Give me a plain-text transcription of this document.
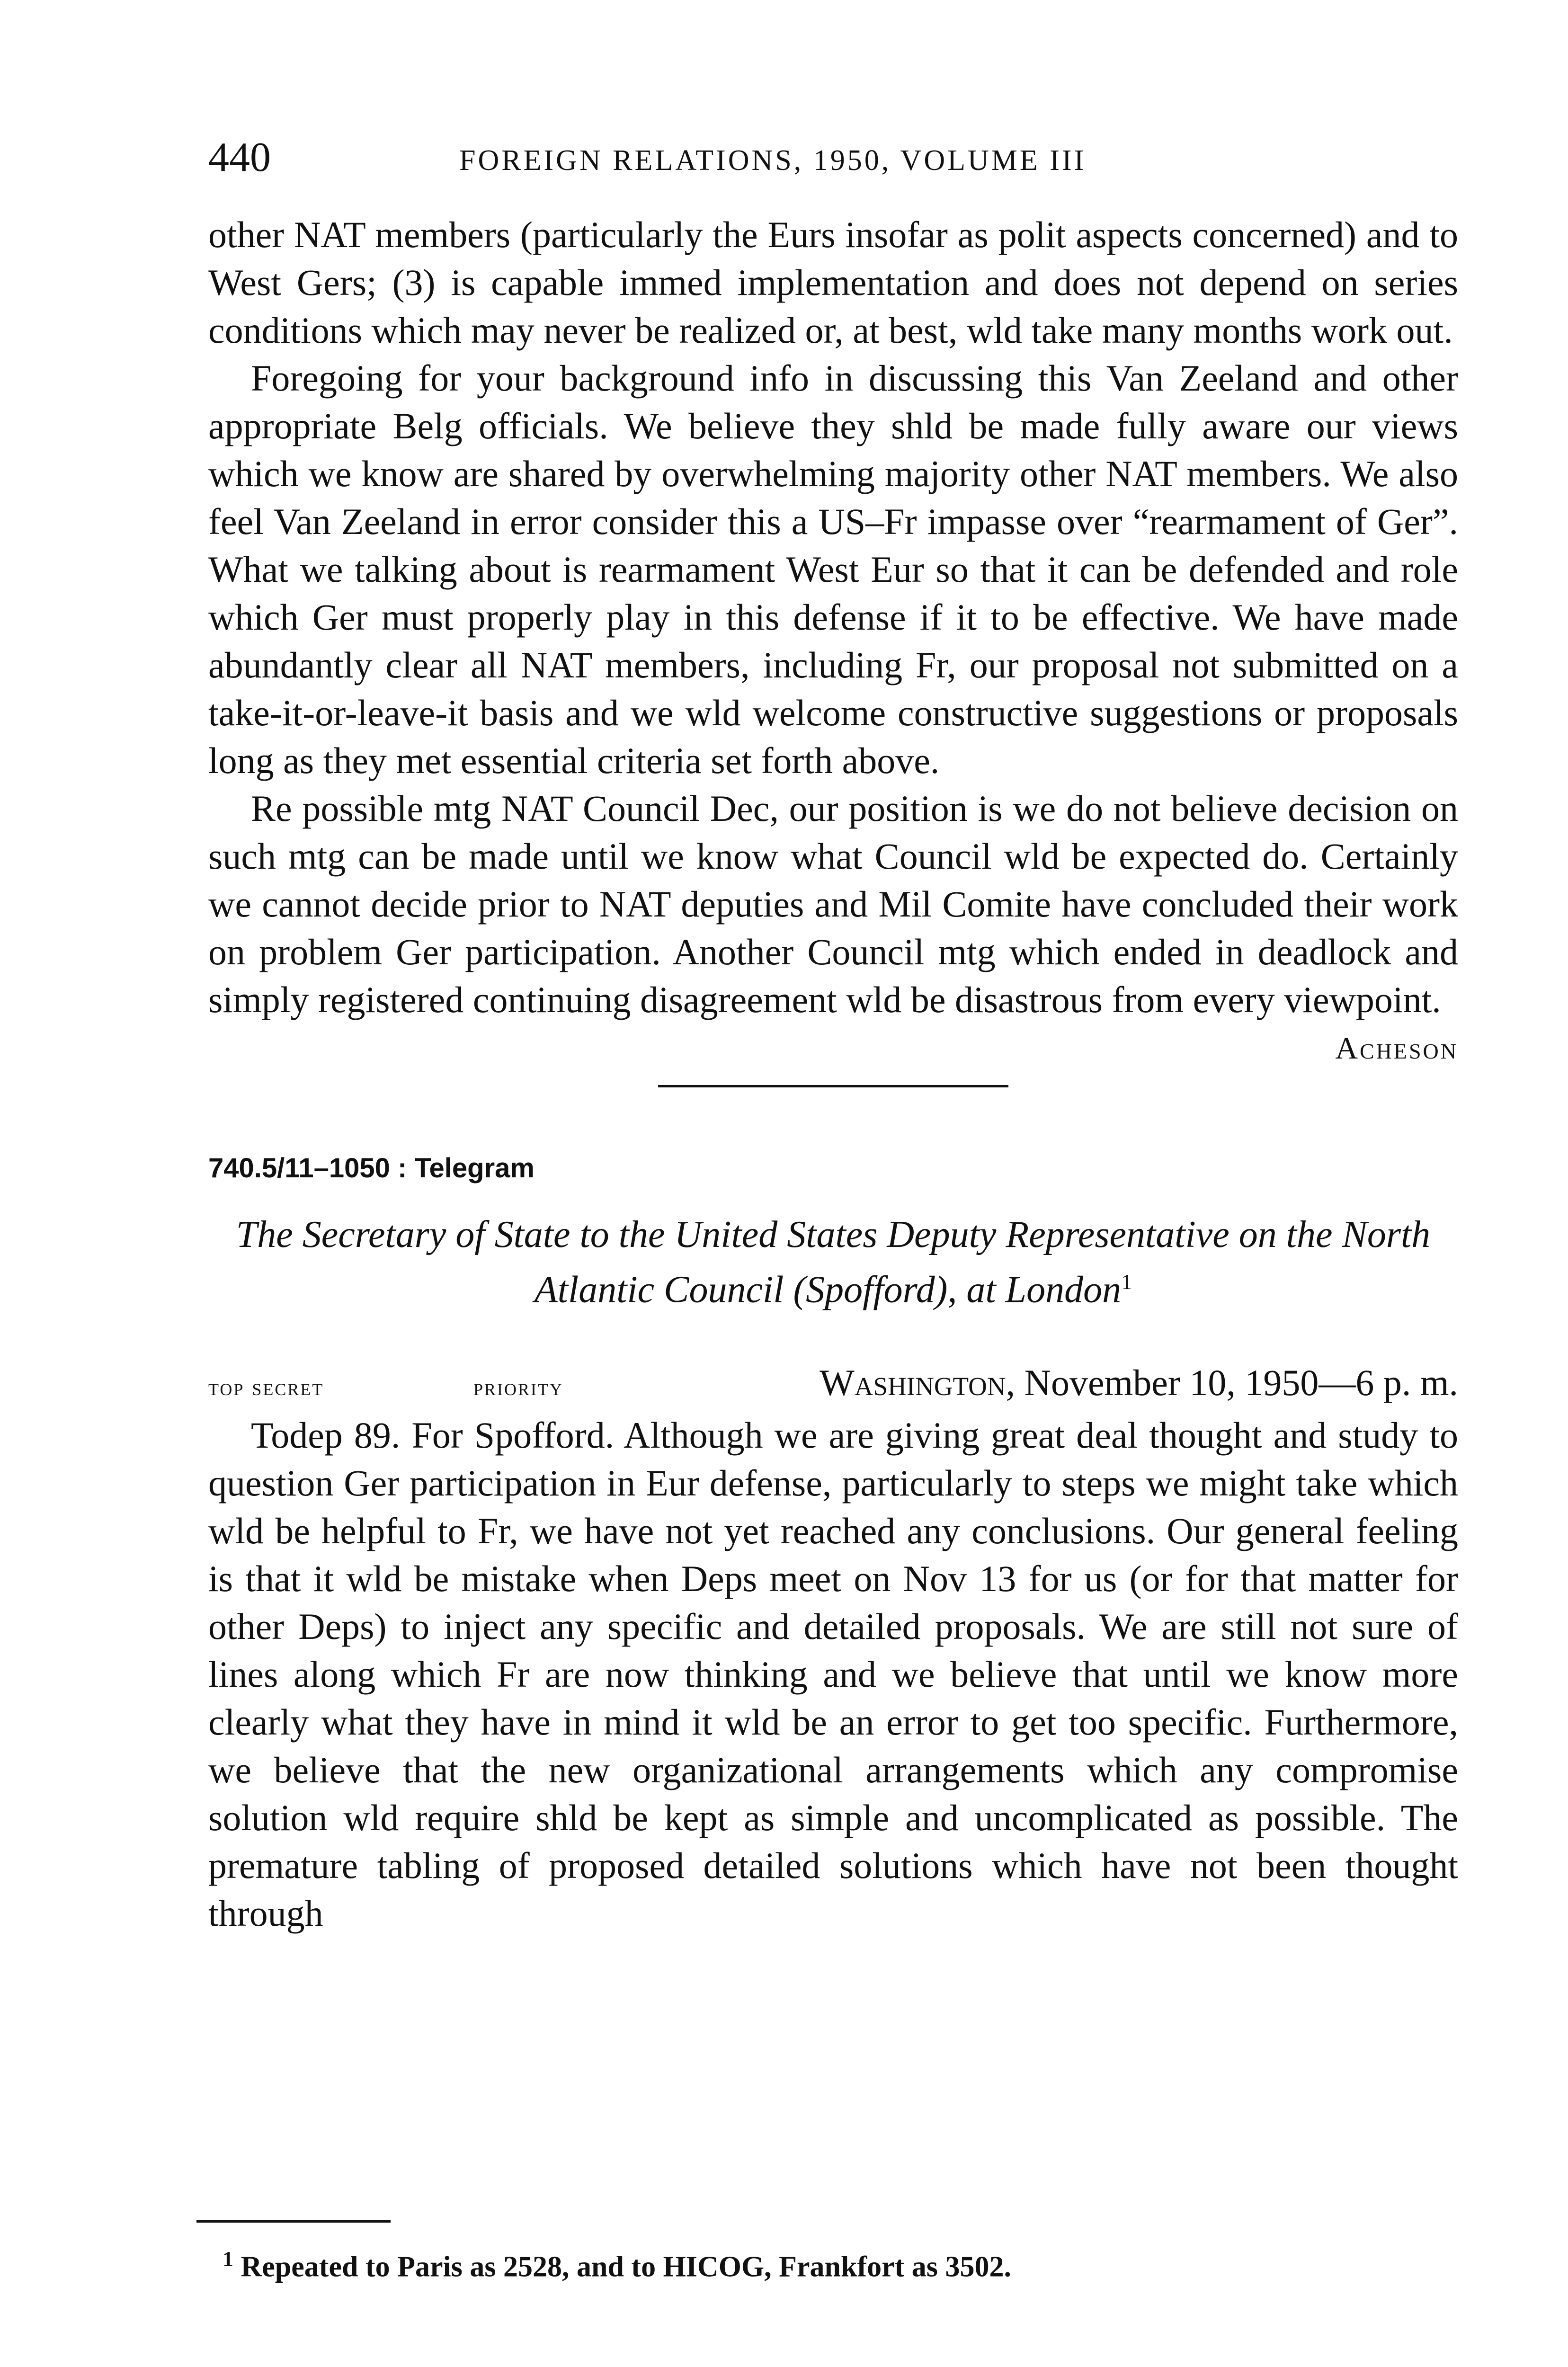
440	FOREIGN RELATIONS, 1950, VOLUME III

other NAT members (particularly the Eurs insofar as polit aspects concerned) and to West Gers; (3) is capable immed implementation and does not depend on series conditions which may never be realized or, at best, wld take many months work out.

Foregoing for your background info in discussing this Van Zeeland and other appropriate Belg officials. We believe they shld be made fully aware our views which we know are shared by overwhelming majority other NAT members. We also feel Van Zeeland in error consider this a US–Fr impasse over “rearmament of Ger”. What we talking about is rearmament West Eur so that it can be defended and role which Ger must properly play in this defense if it to be effective. We have made abundantly clear all NAT members, including Fr, our proposal not submitted on a take-it-or-leave-it basis and we wld welcome constructive suggestions or proposals long as they met essential criteria set forth above.

Re possible mtg NAT Council Dec, our position is we do not believe decision on such mtg can be made until we know what Council wld be expected do. Certainly we cannot decide prior to NAT deputies and Mil Comite have concluded their work on problem Ger participation. Another Council mtg which ended in deadlock and simply registered continuing disagreement wld be disastrous from every viewpoint.

Acheson
740.5/11–1050 : Telegram
The Secretary of State to the United States Deputy Representative on the North Atlantic Council (Spofford), at London$^1$
top secret	priority	Washington, November 10, 1950—6 p. m.

Todep 89. For Spofford. Although we are giving great deal thought and study to question Ger participation in Eur defense, particularly to steps we might take which wld be helpful to Fr, we have not yet reached any conclusions. Our general feeling is that it wld be mistake when Deps meet on Nov 13 for us (or for that matter for other Deps) to inject any specific and detailed proposals. We are still not sure of lines along which Fr are now thinking and we believe that until we know more clearly what they have in mind it wld be an error to get too specific. Furthermore, we believe that the new organizational arrangements which any compromise solution wld require shld be kept as simple and uncomplicated as possible. The premature tabling of proposed detailed solutions which have not been thought through

$^1$ Repeated to Paris as 2528, and to HICOG, Frankfort as 3502.
